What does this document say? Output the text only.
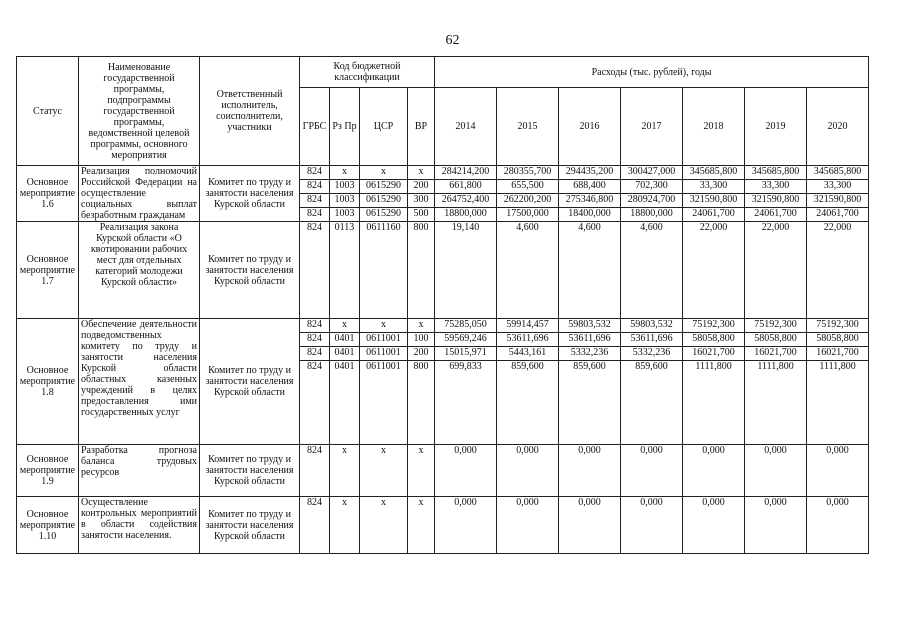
62
Статус	Наименование государственной программы, подпрограммы государственной программы, ведомственной целевой программы, основного мероприятия	Ответственный исполнитель, соисполнители, участники	Код бюджетной классификации				Расходы (тыс. рублей), годы						
			ГРБС	Рз Пр	ЦСР	ВР	2014	2015	2016	2017	2018	2019	2020
Основное мероприятие 1.6	Реализация полномочий Российской Федерации на осуществление социальных выплат безработным гражданам	Комитет по труду и занятости населения Курской области	824	x	x	x	284214,200	280355,700	294435,200	300427,000	345685,800	345685,800	345685,800
			824	1003	0615290	200	661,800	655,500	688,400	702,300	33,300	33,300	33,300
			824	1003	0615290	300	264752,400	262200,200	275346,800	280924,700	321590,800	321590,800	321590,800
			824	1003	0615290	500	18800,000	17500,000	18400,000	18800,000	24061,700	24061,700	24061,700
Основное мероприятие 1.7	Реализация закона Курской области «О квотировании рабочих мест для отдельных категорий молодежи Курской области»	Комитет по труду и занятости населения Курской области	824	0113	0611160	800	19,140	4,600	4,600	4,600	22,000	22,000	22,000
Основное мероприятие 1.8	Обеспечение деятельности подведомственных комитету по труду и занятости населения Курской области областных казенных учреждений в целях предоставления ими государственных услуг	Комитет по труду и занятости населения Курской области	824	x	x	x	75285,050	59914,457	59803,532	59803,532	75192,300	75192,300	75192,300
			824	0401	0611001	100	59569,246	53611,696	53611,696	53611,696	58058,800	58058,800	58058,800
			824	0401	0611001	200	15015,971	5443,161	5332,236	5332,236	16021,700	16021,700	16021,700
			824	0401	0611001	800	699,833	859,600	859,600	859,600	1111,800	1111,800	1111,800
Основное мероприятие 1.9	Разработка прогноза баланса трудовых ресурсов	Комитет по труду и занятости населения Курской области	824	x	x	x	0,000	0,000	0,000	0,000	0,000	0,000	0,000
Основное мероприятие 1.10	Осуществление контрольных мероприятий в области содействия занятости населения.	Комитет по труду и занятости населения Курской области	824	x	x	x	0,000	0,000	0,000	0,000	0,000	0,000	0,000
